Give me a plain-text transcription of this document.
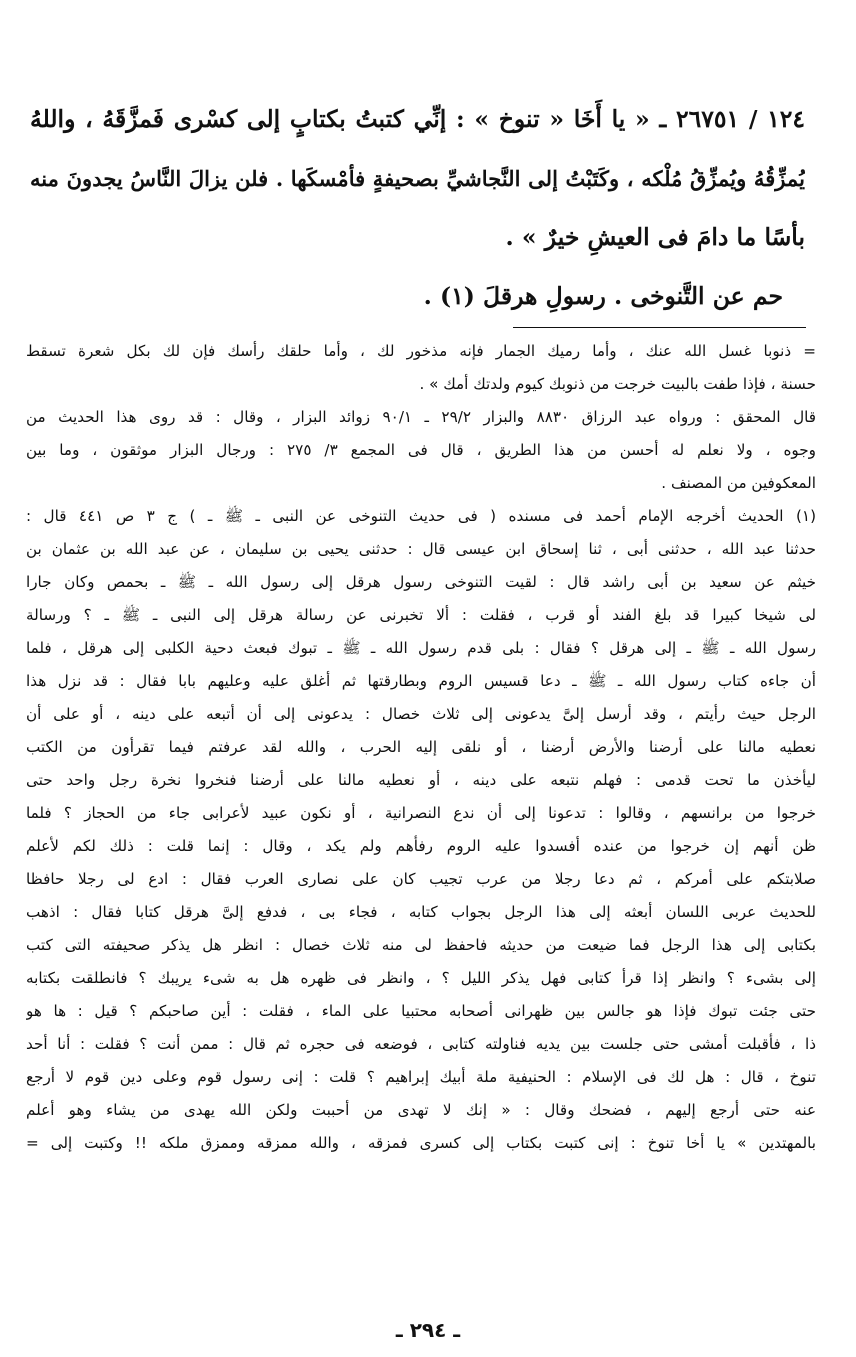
١٢٤ / ٢٦٧٥١ ـ « يا أَخَا « تنوخ » : إنِّي كتبتُ بكتابٍ إلى كسْرى فَمزَّقَهُ ، واللهُ

يُمزِّقُهُ ويُمزِّقُ مُلْكه ، وكَتَبْتُ إلى النَّجاشيِّ بصحيفةٍ فأمْسكَها . فلن يزالَ النَّاسُ يجدونَ منه

بأسًا ما دامَ فى العيشِ خيرٌ » .

حم عن التَّنوخى . رسولِ هرقلَ (١) .

= ذنوبا غسل الله عنك ، وأما رميك الجمار فإنه مذخور لك ، وأما حلقك رأسك فإن لك بكل شعرة تسقط

حسنة ، فإذا طفت بالبيت خرجت من ذنوبك كيوم ولدتك أمك » .

قال المحقق : ورواه عبد الرزاق ٨٨٣٠ والبزار ٢٩/٢ ـ ٩٠/١ زوائد البزار ، وقال : قد روى هذا الحديث من

وجوه ، ولا نعلم له أحسن من هذا الطريق ، قال فى المجمع ٣/ ٢٧٥ : ورجال البزار موثقون ، وما بين

المعكوفين من المصنف .

(١) الحديث أخرجه الإمام أحمد فى مسنده ( فى حديث التنوخى عن النبى ـ ﷺ ـ ) ج ٣ ص ٤٤١ قال :

حدثنا عبد الله ، حدثنى أبى ، ثنا إسحاق ابن عيسى قال : حدثنى يحيى بن سليمان ، عن عبد الله بن عثمان بن

خيثم عن سعيد بن أبى راشد قال : لقيت التنوخى رسول هرقل إلى رسول الله ـ ﷺ ـ بحمص وكان جارا

لى شيخا كبيرا قد بلغ الفند أو قرب ، فقلت : ألا تخبرنى عن رسالة هرقل إلى النبى ـ ﷺ ـ ؟ ورسالة

رسول الله ـ ﷺ ـ إلى هرقل ؟ فقال : بلى قدم رسول الله ـ ﷺ ـ تبوك فبعث دحية الكلبى إلى هرقل ، فلما

أن جاءه كتاب رسول الله ـ ﷺ ـ دعا قسيس الروم وبطارقتها ثم أغلق عليه وعليهم بابا فقال : قد نزل هذا

الرجل حيث رأيتم ، وقد أرسل إلىَّ يدعونى إلى ثلاث خصال : يدعونى إلى أن أتبعه على دينه ، أو على أن

نعطيه مالنا على أرضنا والأرض أرضنا ، أو نلقى إليه الحرب ، والله لقد عرفتم فيما تقرأون من الكتب

ليأخذن ما تحت قدمى : فهلم نتبعه على دينه ، أو نعطيه مالنا على أرضنا فنخروا نخرة رجل واحد حتى

خرجوا من برانسهم ، وقالوا : تدعونا إلى أن ندع النصرانية ، أو نكون عبيد لأعرابى جاء من الحجاز ؟ فلما

ظن أنهم إن خرجوا من عنده أفسدوا عليه الروم رفأهم ولم يكد ، وقال : إنما قلت : ذلك لكم لأعلم

صلابتكم على أمركم ، ثم دعا رجلا من عرب تجيب كان على نصارى العرب فقال : ادع لى رجلا حافظا

للحديث عربى اللسان أبعثه إلى هذا الرجل بجواب كتابه ، فجاء بى ، فدفع إلىَّ هرقل كتابا فقال : اذهب

بكتابى إلى هذا الرجل فما ضيعت من حديثه فاحفظ لى منه ثلاث خصال : انظر هل يذكر صحيفته التى كتب

إلى بشىء ؟ وانظر إذا قرأ كتابى فهل يذكر الليل ؟ ، وانظر فى ظهره هل به شىء يريبك ؟ فانطلقت بكتابه

حتى جئت تبوك فإذا هو جالس بين ظهرانى أصحابه محتبيا على الماء ، فقلت : أين صاحبكم ؟ قيل : ها هو

ذا ، فأقبلت أمشى حتى جلست بين يديه فناولته كتابى ، فوضعه فى حجره ثم قال : ممن أنت ؟ فقلت : أنا أحد

تنوخ ، قال : هل لك فى الإسلام : الحنيفية ملة أبيك إبراهيم ؟ قلت : إنى رسول قوم وعلى دين قوم لا أرجع

عنه حتى أرجع إليهم ، فضحك وقال : « إنك لا تهدى من أحببت ولكن الله يهدى من يشاء وهو أعلم

بالمهتدين » يا أخا تنوخ : إنى كتبت بكتاب إلى كسرى فمزقه ، والله ممزقه وممزق ملكه !! وكتبت إلى =

ـ ٢٩٤ ـ
